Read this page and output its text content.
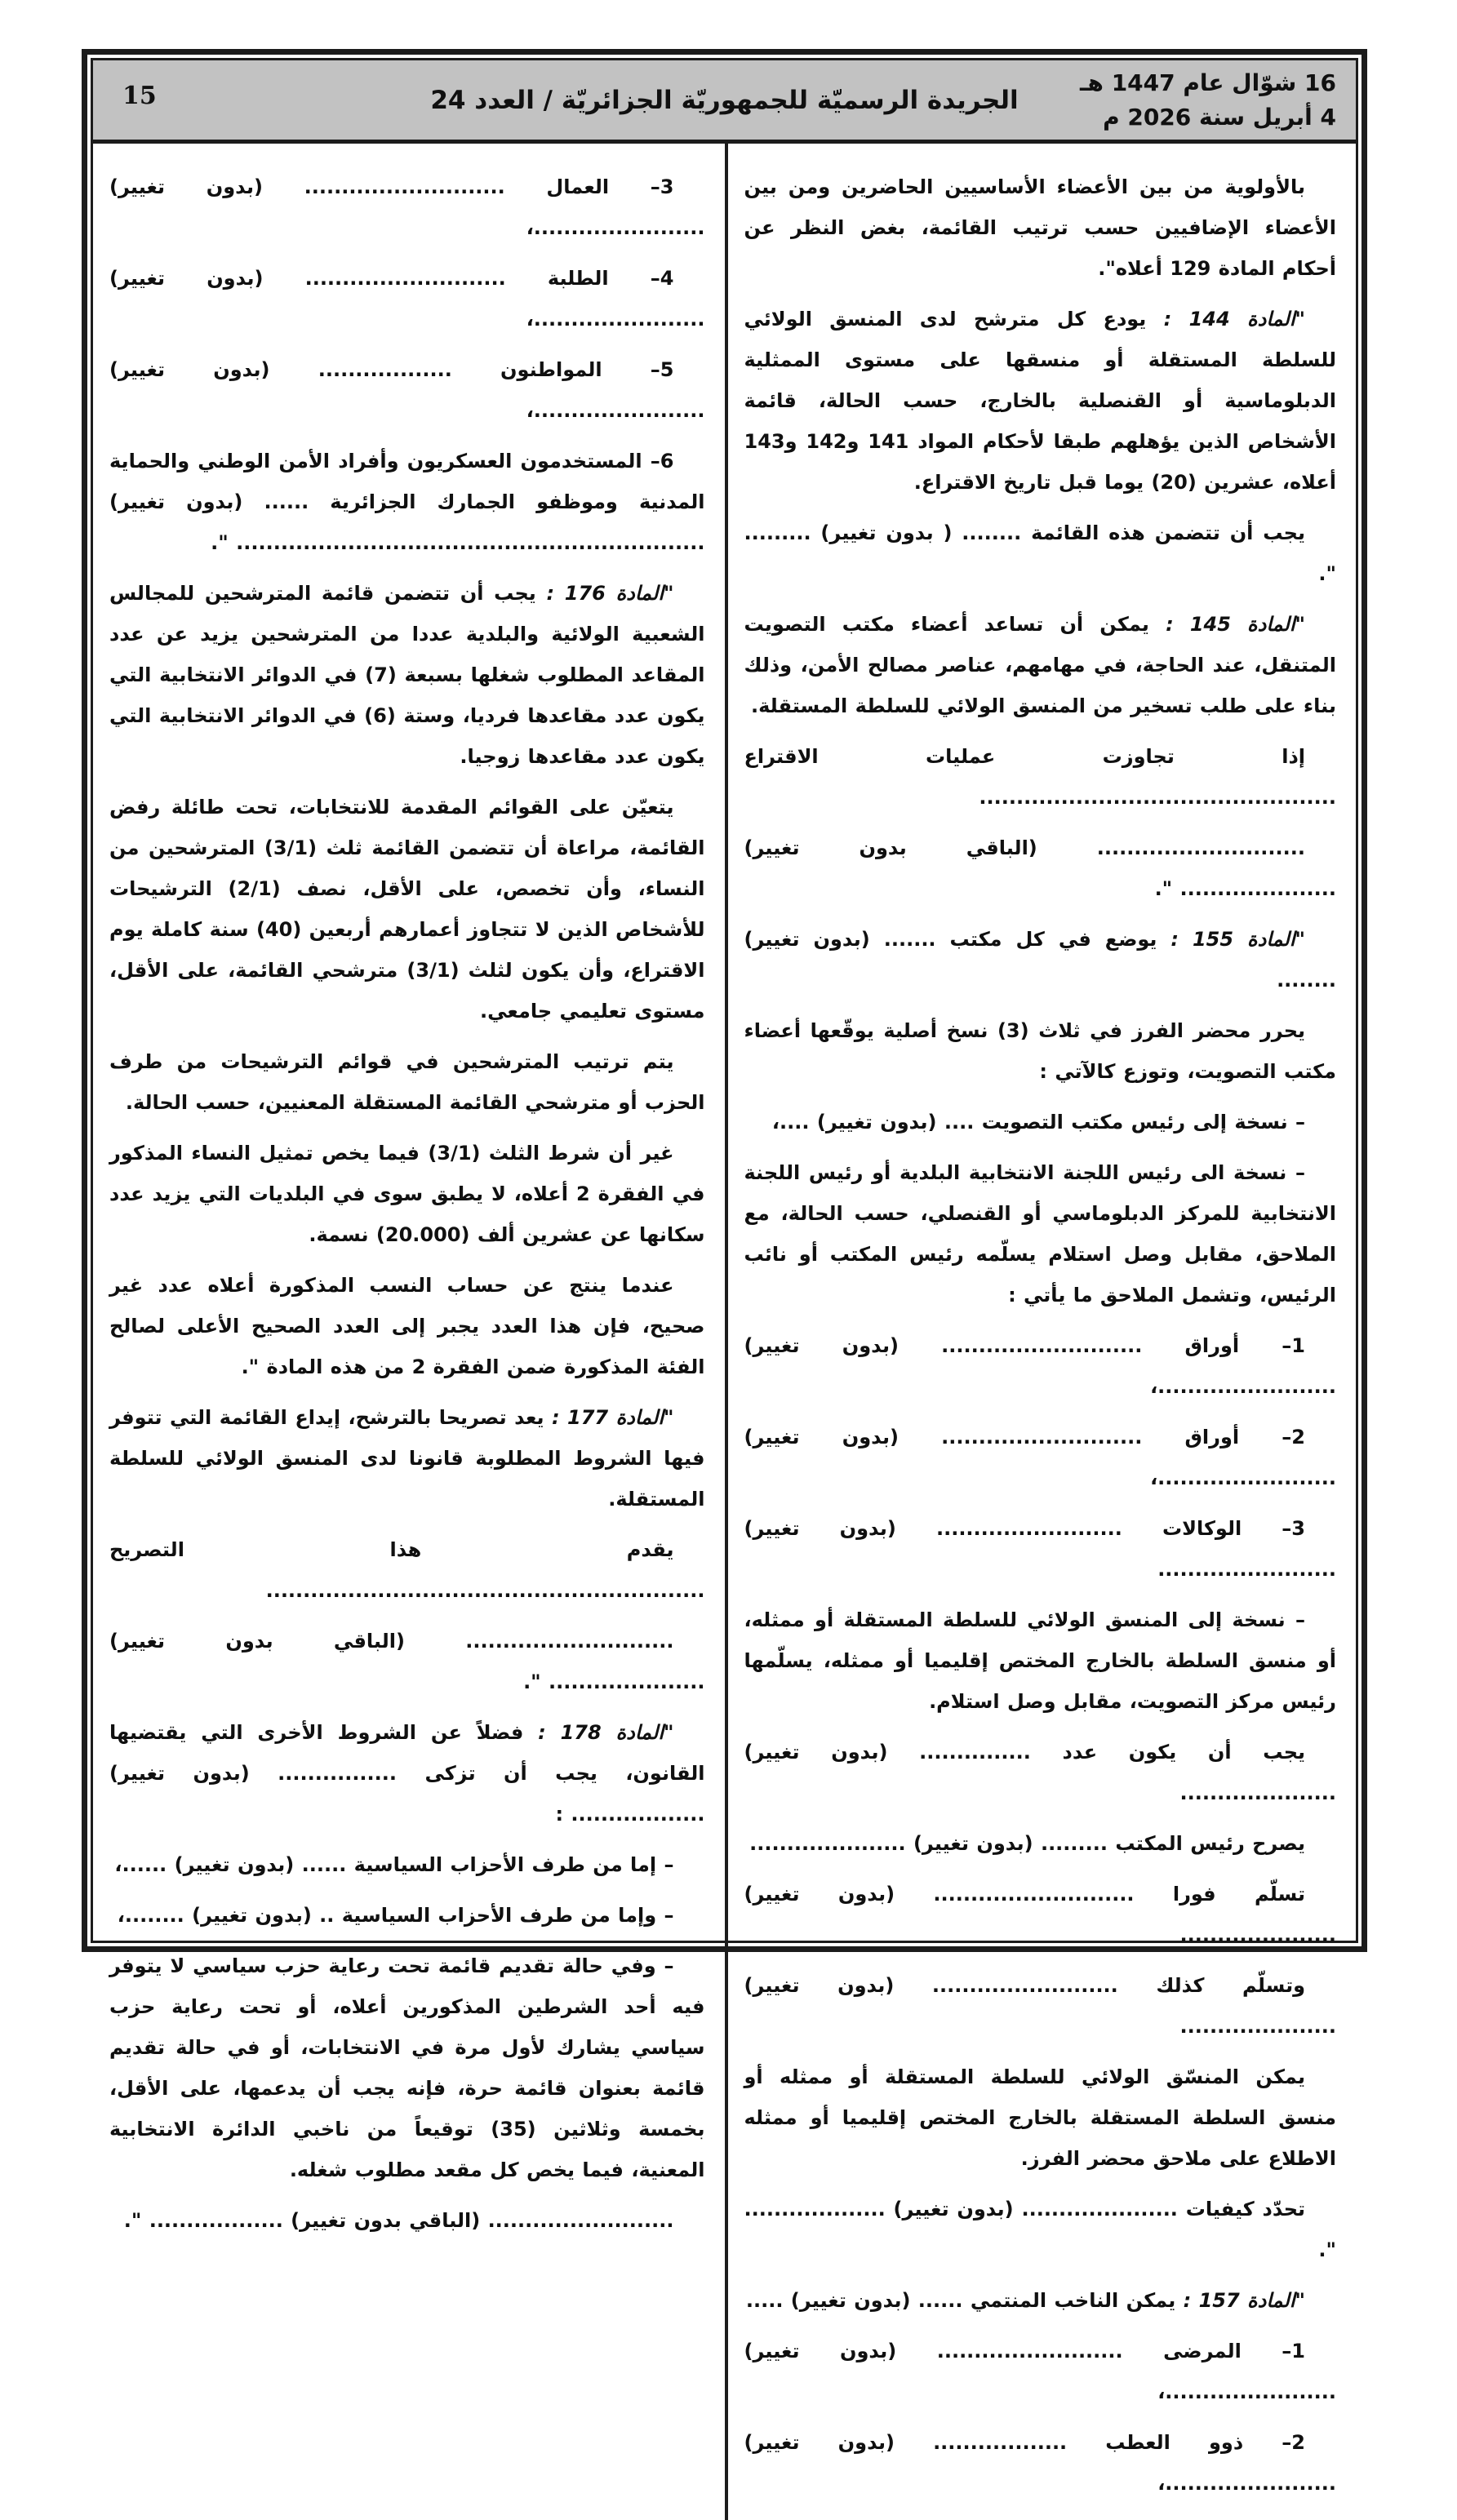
15	الجريدة الرسميّة للجمهوريّة الجزائريّة / العدد 24
16 شوّال عام 1447 هـ
4 أبريل سنة 2026 م

بالأولوية من بين الأعضاء الأساسيين الحاضرين ومن بين الأعضاء الإضافيين حسب ترتيب القائمة، بغض النظر عن أحكام المادة 129 أعلاه".

"المادة 144 : يودع كل مترشح لدى المنسق الولائي للسلطة المستقلة أو منسقها على مستوى الممثلية الدبلوماسية أو القنصلية بالخارج، حسب الحالة، قائمة الأشخاص الذين يؤهلهم طبقا لأحكام المواد 141 و142 و143 أعلاه، عشرين (20) يوما قبل تاريخ الاقتراع.

يجب أن تتضمن هذه القائمة ........ ( بدون تغيير) ......... ".

"المادة 145 : يمكن أن تساعد أعضاء مكتب التصويت المتنقل، عند الحاجة، في مهامهم، عناصر مصالح الأمن، وذلك بناء على طلب تسخير من المنسق الولائي للسلطة المستقلة.

إذا تجاوزت عمليات الاقتراع ................................................

............................ (الباقي بدون تغيير) ..................... ".

"المادة 155 : يوضع في كل مكتب ....... (بدون تغيير) ........

يحرر محضر الفرز في ثلاث (3) نسخ أصلية يوقّعها أعضاء مكتب التصويت، وتوزع كالآتي :

– نسخة إلى رئيس مكتب التصويت .... (بدون تغيير) ....،

– نسخة الى رئيس اللجنة الانتخابية البلدية أو رئيس اللجنة الانتخابية للمركز الدبلوماسي أو القنصلي، حسب الحالة، مع الملاحق، مقابل وصل استلام يسلّمه رئيس المكتب أو نائب الرئيس، وتشمل الملاحق ما يأتي :

1– أوراق ........................... (بدون تغيير) ........................،

2– أوراق ........................... (بدون تغيير) ........................،

3– الوكالات ......................... (بدون تغيير) ........................

– نسخة إلى المنسق الولائي للسلطة المستقلة أو ممثله، أو منسق السلطة بالخارج المختص إقليميا أو ممثله، يسلّمها رئيس مركز التصويت، مقابل وصل استلام.

يجب أن يكون عدد ............... (بدون تغيير) .....................

يصرح رئيس المكتب ......... (بدون تغيير) .....................

تسلّم فورا ........................... (بدون تغيير) .....................

وتسلّم كذلك ......................... (بدون تغيير) .....................

يمكن المنسّق الولائي للسلطة المستقلة أو ممثله أو منسق السلطة المستقلة بالخارج المختص إقليميا أو ممثله الاطلاع على ملاحق محضر الفرز.

تحدّد كيفيات ..................... (بدون تغيير) ................... ".

"المادة 157 : يمكن الناخب المنتمي ...... (بدون تغيير) .....

1– المرضى ......................... (بدون تغيير) .......................،

2– ذوو العطب .................. (بدون تغيير) .......................،

3– العمال ........................... (بدون تغيير) .......................،

4– الطلبة ........................... (بدون تغيير) .......................،

5– المواطنون .................. (بدون تغيير) .......................،

6– المستخدمون العسكريون وأفراد الأمن الوطني والحماية المدنية وموظفو الجمارك الجزائرية ...... (بدون تغيير) ............................................................... ".

"المادة 176 : يجب أن تتضمن قائمة المترشحين للمجالس الشعبية الولائية والبلدية عددا من المترشحين يزيد عن عدد المقاعد المطلوب شغلها بسبعة (7) في الدوائر الانتخابية التي يكون عدد مقاعدها فرديا، وستة (6) في الدوائر الانتخابية التي يكون عدد مقاعدها زوجيا.

يتعيّن على القوائم المقدمة للانتخابات، تحت طائلة رفض القائمة، مراعاة أن تتضمن القائمة ثلث (3/1) المترشحين من النساء، وأن تخصص، على الأقل، نصف (2/1) الترشيحات للأشخاص الذين لا تتجاوز أعمارهم أربعين (40) سنة كاملة يوم الاقتراع، وأن يكون لثلث (3/1) مترشحي القائمة، على الأقل، مستوى تعليمي جامعي.

يتم ترتيب المترشحين في قوائم الترشيحات من طرف الحزب أو مترشحي القائمة المستقلة المعنيين، حسب الحالة.

غير أن شرط الثلث (3/1) فيما يخص تمثيل النساء المذكور في الفقرة 2 أعلاه، لا يطبق سوى في البلديات التي يزيد عدد سكانها عن عشرين ألف (20.000) نسمة.

عندما ينتج عن حساب النسب المذكورة أعلاه عدد غير صحيح، فإن هذا العدد يجبر إلى العدد الصحيح الأعلى لصالح الفئة المذكورة ضمن الفقرة 2 من هذه المادة ".

"المادة 177 : يعد تصريحا بالترشح، إيداع القائمة التي تتوفر فيها الشروط المطلوبة قانونا لدى المنسق الولائي للسلطة المستقلة.

يقدم هذا التصريح ...........................................................

............................ (الباقي بدون تغيير) ..................... ".

"المادة 178 : فضلاً عن الشروط الأخرى التي يقتضيها القانون، يجب أن تزكى ................ (بدون تغيير) .................. :

– إما من طرف الأحزاب السياسية ...... (بدون تغيير) ......،

– وإما من طرف الأحزاب السياسية .. (بدون تغيير) ........،

– وفي حالة تقديم قائمة تحت رعاية حزب سياسي لا يتوفر فيه أحد الشرطين المذكورين أعلاه، أو تحت رعاية حزب سياسي يشارك لأول مرة في الانتخابات، أو في حالة تقديم قائمة بعنوان قائمة حرة، فإنه يجب أن يدعمها، على الأقل، بخمسة وثلاثين (35) توقيعاً من ناخبي الدائرة الانتخابية المعنية، فيما يخص كل مقعد مطلوب شغله.

......................... (الباقي بدون تغيير) .................. ".
